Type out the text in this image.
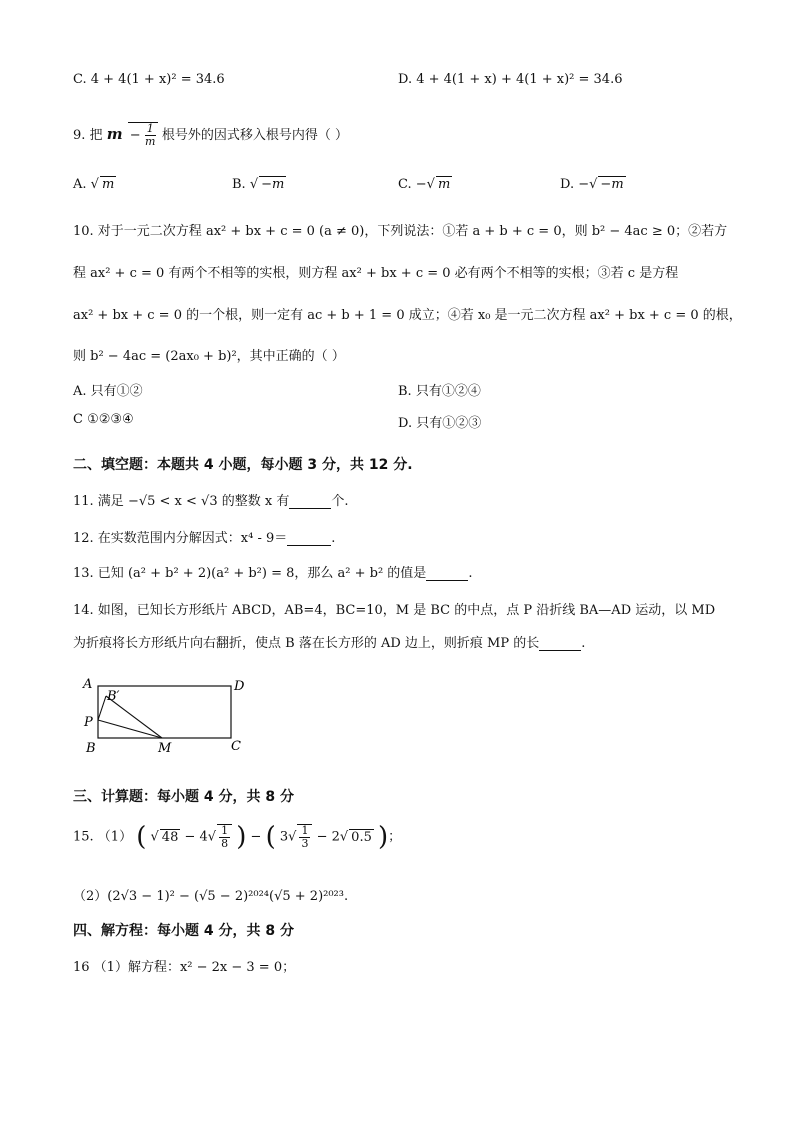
C. 4 + 4(1 + x)² = 34.6	D. 4 + 4(1 + x) + 4(1 + x)² = 34.6
9. 把 $m - \frac{1}{m}$ 根号外的因式移入根号内得（ ）
A. √ m	B. √ −m	C. −√ m	D. −√ −m
10. 对于一元二次方程 ax² + bx + c = 0 (a ≠ 0)，下列说法：①若 a + b + c = 0，则 b² − 4ac ≥ 0；②若方
程 ax² + c = 0 有两个不相等的实根，则方程 ax² + bx + c = 0 必有两个不相等的实根；③若 c 是方程
ax² + bx + c = 0 的一个根，则一定有 ac + b + 1 = 0 成立；④若 x₀ 是一元二次方程 ax² + bx + c = 0 的根，
则 b² − 4ac = (2ax₀ + b)²，其中正确的（ ）
A. 只有①②	B. 只有①②④
C ①②③④	D. 只有①②③
二、填空题：本题共 4 小题，每小题 3 分，共 12 分.
11. 满足 −√5 < x < √3 的整数 x 有	个.
12. 在实数范围内分解因式：x⁴ - 9＝	.
13. 已知 (a² + b² + 2)(a² + b²) = 8，那么 a² + b² 的值是	.
14. 如图，已知长方形纸片 ABCD，AB=4，BC=10，M 是 BC 的中点，点 P 沿折线 BA—AD 运动，以 MD
为折痕将长方形纸片向右翻折，使点 B 落在长方形的 AD 边上，则折痕 MP 的长	.
A	D
B′
P
B	M	C
三、计算题：每小题 4 分，共 8 分
15. （1） ( √ $48 - 4√ \frac{1}{8}$ ) − ( $3√ \frac{1}{3} - 2√$ 0.5 )；
（2）(2√3 − 1)² − (√5 − 2)²⁰²⁴(√5 + 2)²⁰²³.
四、解方程：每小题 4 分，共 8 分
16 （1）解方程：x² − 2x − 3 = 0；
